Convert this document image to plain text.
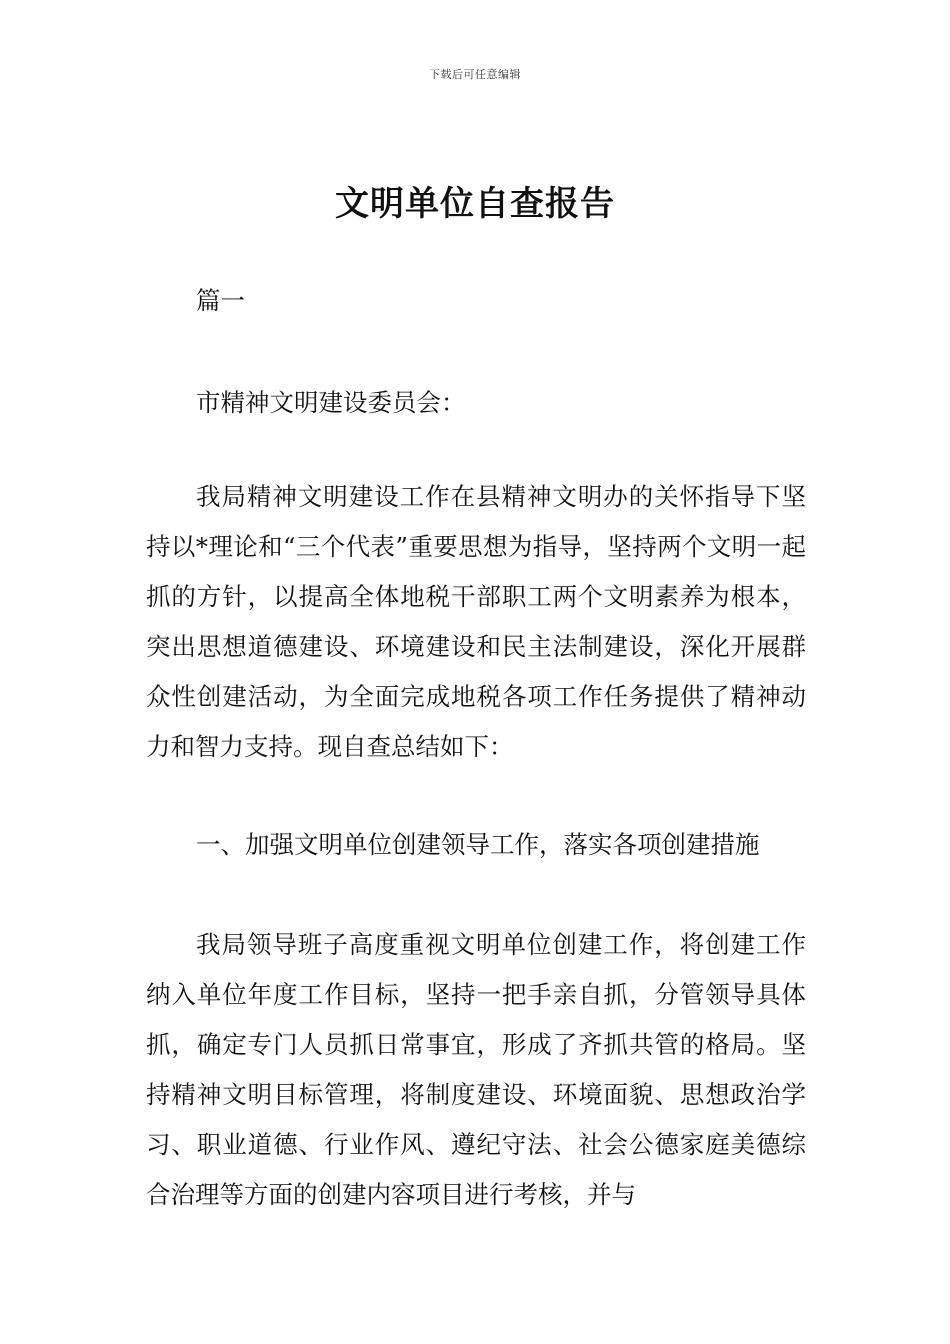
下载后可任意编辑
文明单位自查报告

篇一

市精神文明建设委员会：

我局精神文明建设工作在县精神文明办的关怀指导下坚持以*理论和“三个代表”重要思想为指导，坚持两个文明一起抓的方针，以提高全体地税干部职工两个文明素养为根本，突出思想道德建设、环境建设和民主法制建设，深化开展群众性创建活动，为全面完成地税各项工作任务提供了精神动力和智力支持。现自查总结如下：

一、加强文明单位创建领导工作，落实各项创建措施

我局领导班子高度重视文明单位创建工作，将创建工作纳入单位年度工作目标，坚持一把手亲自抓，分管领导具体抓，确定专门人员抓日常事宜，形成了齐抓共管的格局。坚持精神文明目标管理，将制度建设、环境面貌、思想政治学习、职业道德、行业作风、遵纪守法、社会公德家庭美德综合治理等方面的创建内容项目进行考核，并与
